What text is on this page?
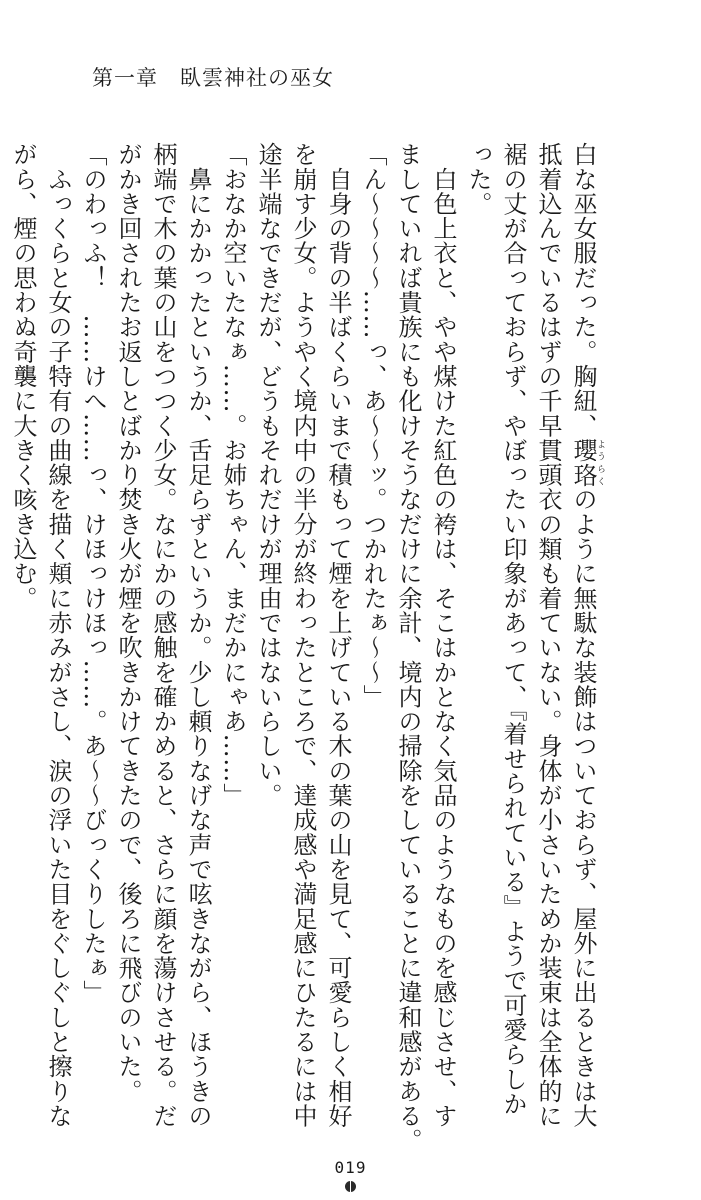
第一章　臥雲神社の巫女

白な巫女服だった。胸紐、瓔珞ようらくのように無駄な装飾はついておらず、屋外に出るときは大

抵着込んでいるはずの千早貫頭衣の類も着ていない。身体が小さいためか装束は全体的に

裾の丈が合っておらず、やぼったい印象があって、『着せられている』ようで可愛らしか

った。

　白色上衣と、やや煤けた紅色の袴は、そこはかとなく気品のようなものを感じさせ、す

ましていれば貴族にも化けそうなだけに余計、境内の掃除をしていることに違和感がある。

「ん〜〜〜〜……っ、あ〜〜ッ。つかれたぁ〜〜」

　自身の背の半ばくらいまで積もって煙を上げている木の葉の山を見て、可愛らしく相好

を崩す少女。ようやく境内中の半分が終わったところで、達成感や満足感にひたるには中

途半端なできだが、どうもそれだけが理由ではないらしい。

「おなか空いたなぁ……。お姉ちゃん、まだかにゃあ……」

　鼻にかかったというか、舌足らずというか。少し頼りなげな声で呟きながら、ほうきの

柄端で木の葉の山をつつく少女。なにかの感触を確かめると、さらに顔を蕩けさせる。だ

がかき回されたお返しとばかり焚き火が煙を吹きかけてきたので、後ろに飛びのいた。

「のわっふ！　……けへ……っ、けほっけほっ……。あ〜〜びっくりしたぁ」

　ふっくらと女の子特有の曲線を描く頬に赤みがさし、涙の浮いた目をぐしぐしと擦りな

がら、煙の思わぬ奇襲に大きく咳き込む。

019
